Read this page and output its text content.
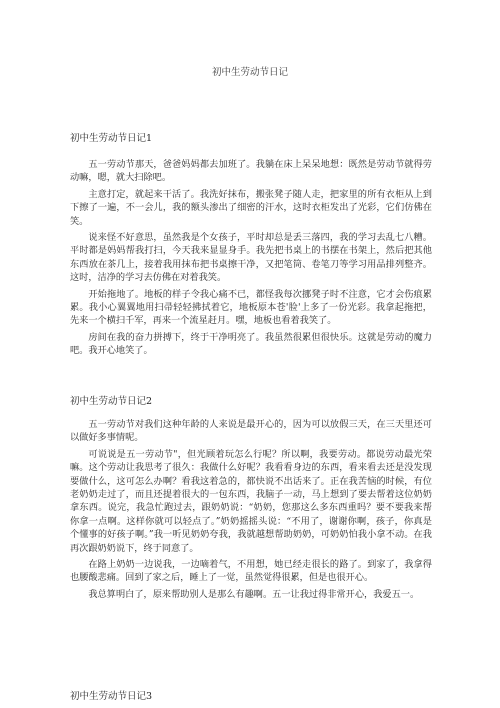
初中生劳动节日记
初中生劳动节日记1

五一劳动节那天，爸爸妈妈都去加班了。我躺在床上呆呆地想：既然是劳动节就得劳动嘛，嗯，就大扫除吧。

主意打定，就起来干活了。我洗好抹布，搬张凳子随人走，把家里的所有衣柜从上到下擦了一遍，不一会儿，我的额头渗出了细密的汗水，这时衣柜发出了光彩，它们仿佛在笑。

说来怪不好意思，虽然我是个女孩子，平时却总是丢三落四，我的学习去乱七八糟。平时都是妈妈帮我打扫，今天我来显显身手。我先把书桌上的书摆在书架上，然后把其他东西放在茶几上，接着我用抹布把书桌擦干净，又把笔筒、卷笔刀等学习用品排列整齐。这时，洁净的学习去仿佛在对着我笑。

开始拖地了。地板的样子令我心痛不已，都怪我每次挪凳子时不注意，它才会伤痕累累。我小心翼翼地用扫帚轻轻拂拭着它，地板原本苍'脸'上多了一份光彩。我拿起拖把，先来一个横扫千军，再来一个流星赶月。嘿，地板也看着我笑了。

房间在我的奋力拼搏下，终于干净明亮了。我虽然很累但很快乐。这就是劳动的魔力吧。我开心地笑了。

初中生劳动节日记2

五一劳动节对我们这种年龄的人来说是最开心的，因为可以放假三天，在三天里还可以做好多事情呢。

可说说是五一劳动节"，但光顾着玩怎么行呢？所以啊，我要劳动。都说劳动最光荣嘛。这个劳动让我思考了很久：我做什么好呢？我看看身边的东西，看来看去还是没发现要做什么，这可怎么办啊？看我这着急的，都快说不出话来了。正在我苦恼的时候，有位老奶奶走过了，而且还提着很大的一包东西，我脑子一动，马上想到了要去帮着这位奶奶拿东西。说完，我急忙跑过去，跟奶奶说：“奶奶，您那这么多东西重吗？要不要我来帮你拿一点啊。这样你就可以轻点了。”奶奶摇摇头说：“不用了，谢谢你啊，孩子，你真是个懂事的好孩子啊。”我一听见奶奶夸我，我就越想帮助奶奶，可奶奶怕我小拿不动。在我再次跟奶奶说下，终于同意了。

在路上奶奶一边说我，一边嘀着气，不用想，她已经走很长的路了。到家了，我拿得也腰酸悲痛。回到了家之后，睡上了一觉，虽然觉得很累，但是也很开心。

我总算明白了，原来帮助别人是那么有趣啊。五一让我过得非常开心，我爱五一。

初中生劳动节日记3
